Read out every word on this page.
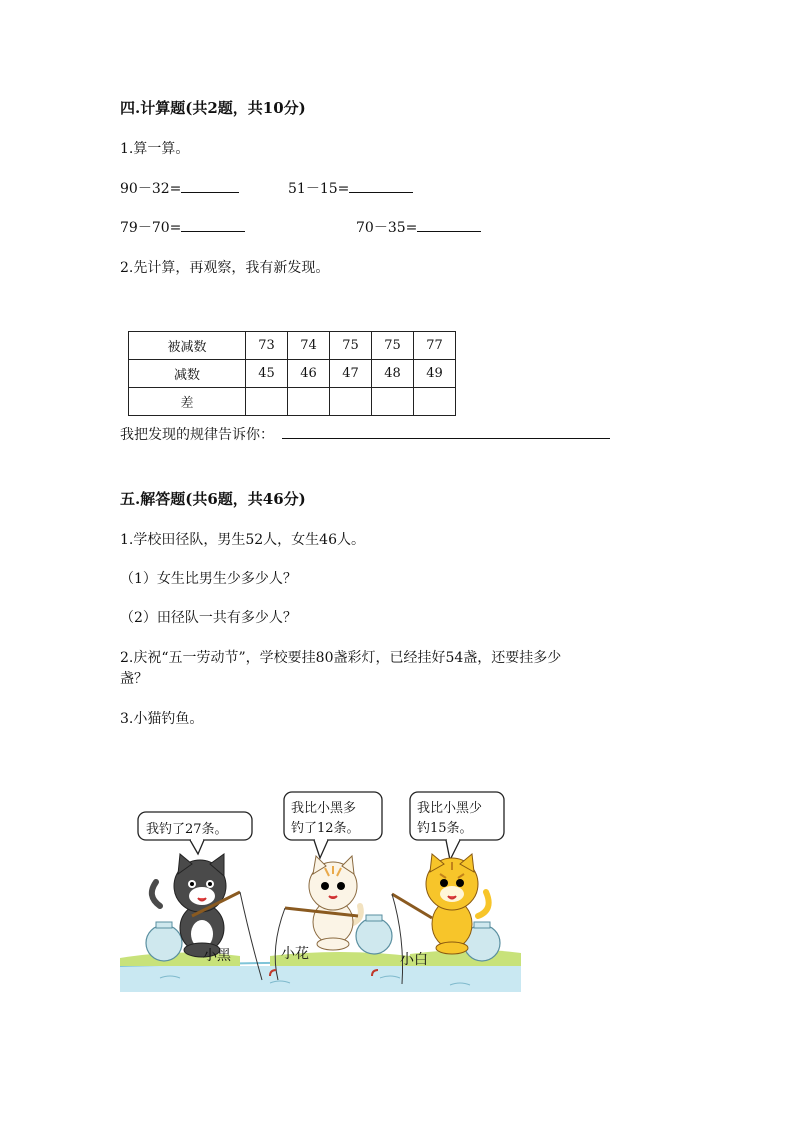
四.计算题(共2题，共10分)
1.算一算。
90－32=	51－15=
79－70=	70－35=
2.先计算，再观察，我有新发现。
被减数	73	74	75	75	77
减数	45	46	47	48	49
差					
我把发现的规律告诉你：
五.解答题(共6题，共46分)
1.学校田径队，男生52人，女生46人。
（1）女生比男生少多少人？
（2）田径队一共有多少人？
2.庆祝“五一劳动节”，学校要挂80盏彩灯，已经挂好54盏，还要挂多少
盏？
3.小猫钓鱼。
我钓了27条。
我比小黑多
钓了12条。
我比小黑少
钓15条。
小黑	小花	小白
